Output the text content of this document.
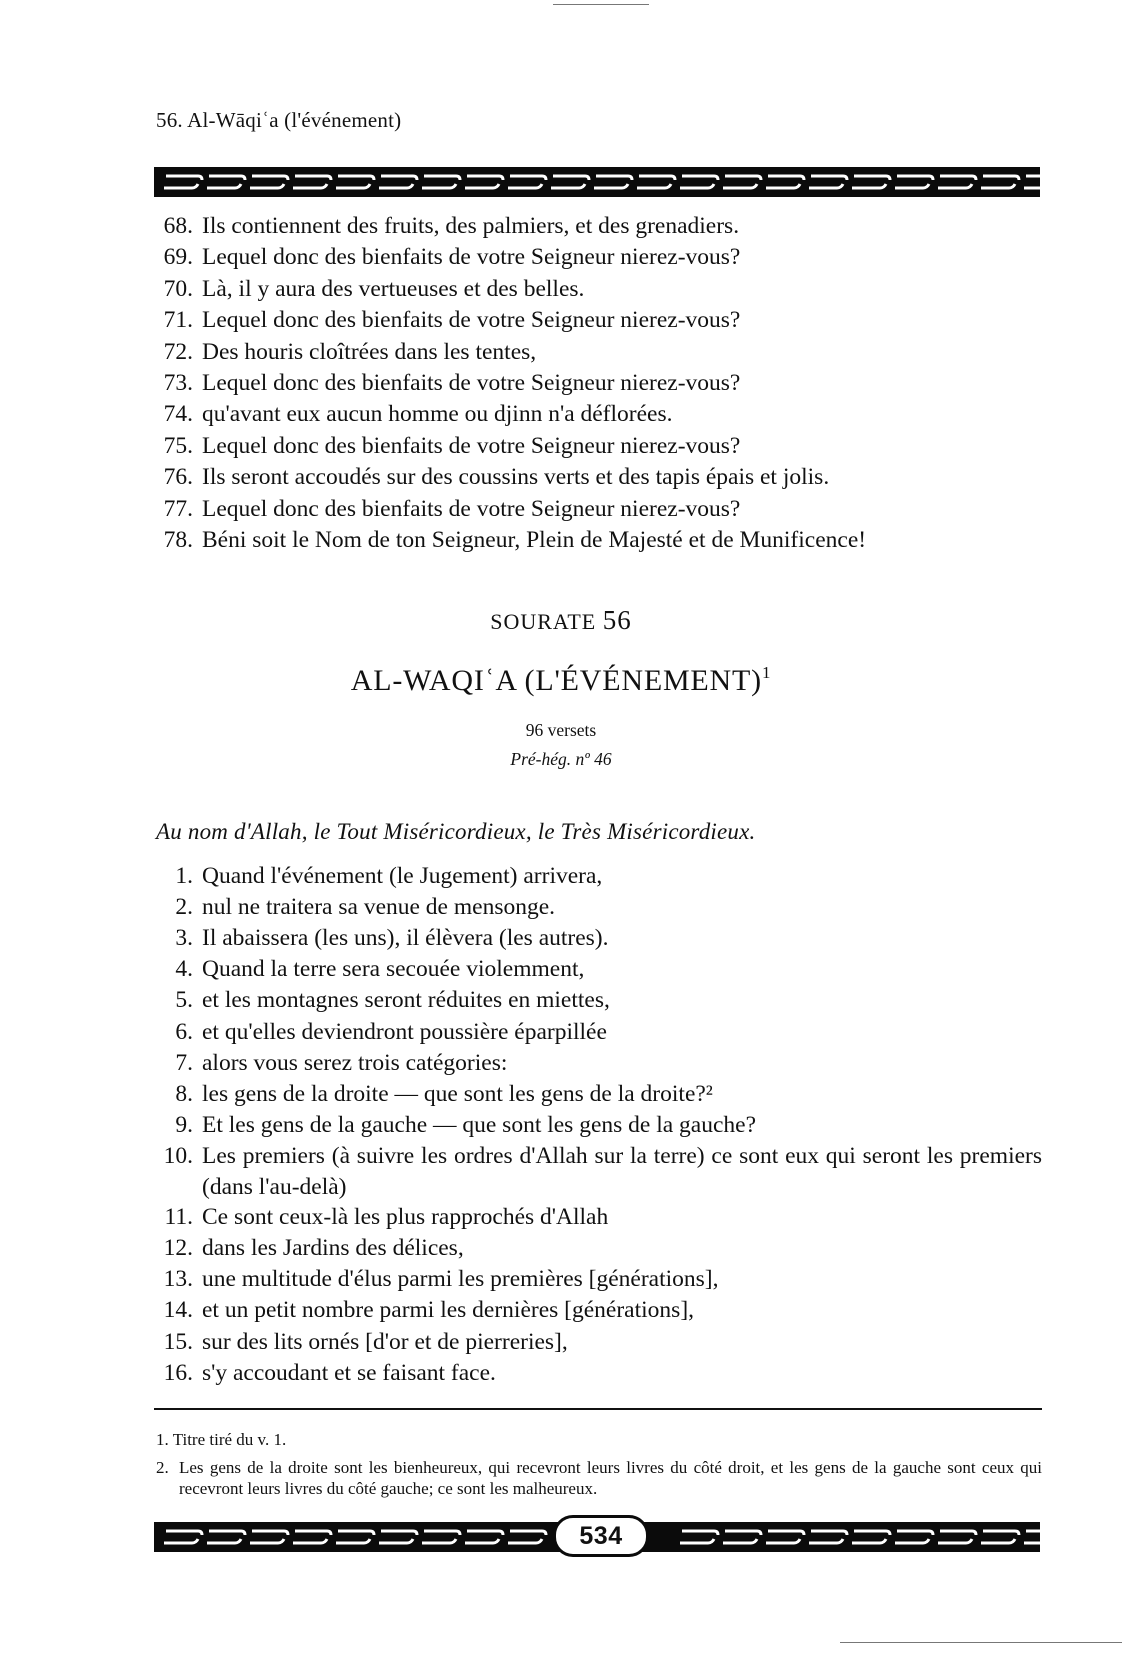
56. Al-Wāqiʿa (l'événement)
68. Ils contiennent des fruits, des palmiers, et des grenadiers.
69. Lequel donc des bienfaits de votre Seigneur nierez-vous?
70. Là, il y aura des vertueuses et des belles.
71. Lequel donc des bienfaits de votre Seigneur nierez-vous?
72. Des houris cloîtrées dans les tentes,
73. Lequel donc des bienfaits de votre Seigneur nierez-vous?
74. qu'avant eux aucun homme ou djinn n'a déflorées.
75. Lequel donc des bienfaits de votre Seigneur nierez-vous?
76. Ils seront accoudés sur des coussins verts et des tapis épais et jolis.
77. Lequel donc des bienfaits de votre Seigneur nierez-vous?
78. Béni soit le Nom de ton Seigneur, Plein de Majesté et de Munificence!
SOURATE 56
AL-WAQIʿA (L'ÉVÉNEMENT)$^1$
96 versets
Pré-hég. nº 46
Au nom d'Allah, le Tout Miséricordieux, le Très Miséricordieux.
1. Quand l'événement (le Jugement) arrivera,
2. nul ne traitera sa venue de mensonge.
3. Il abaissera (les uns), il élèvera (les autres).
4. Quand la terre sera secouée violemment,
5. et les montagnes seront réduites en miettes,
6. et qu'elles deviendront poussière éparpillée
7. alors vous serez trois catégories:
8. les gens de la droite — que sont les gens de la droite?²
9. Et les gens de la gauche — que sont les gens de la gauche?
10. Les premiers (à suivre les ordres d'Allah sur la terre) ce sont eux qui seront les premiers (dans l'au-delà)
11. Ce sont ceux-là les plus rapprochés d'Allah
12. dans les Jardins des délices,
13. une multitude d'élus parmi les premières [générations],
14. et un petit nombre parmi les dernières [générations],
15. sur des lits ornés [d'or et de pierreries],
16. s'y accoudant et se faisant face.
1. Titre tiré du v. 1.
2. Les gens de la droite sont les bienheureux, qui recevront leurs livres du côté droit, et les gens de la gauche sont ceux qui recevront leurs livres du côté gauche; ce sont les malheureux.
534
